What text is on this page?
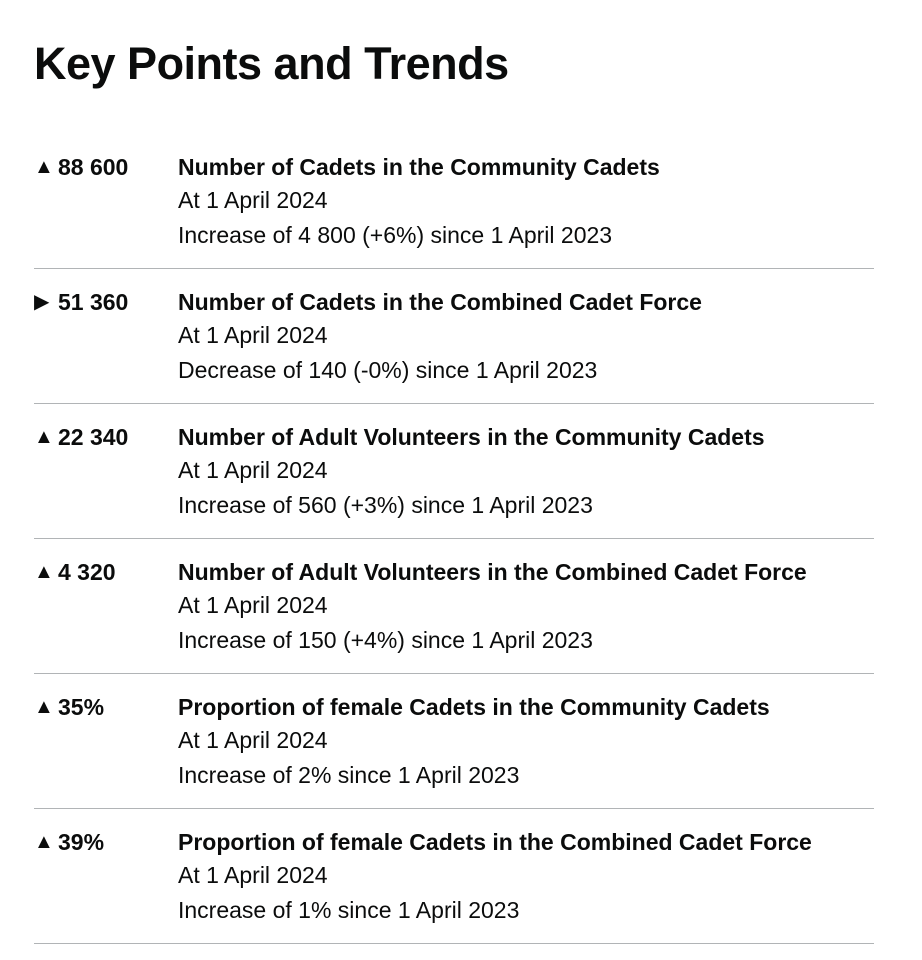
Key Points and Trends
▲ 88 600 Number of Cadets in the Community Cadets
At 1 April 2024
Increase of 4 800 (+6%) since 1 April 2023
▶ 51 360 Number of Cadets in the Combined Cadet Force
At 1 April 2024
Decrease of 140 (-0%) since 1 April 2023
▲ 22 340 Number of Adult Volunteers in the Community Cadets
At 1 April 2024
Increase of 560 (+3%) since 1 April 2023
▲ 4 320	Number of Adult Volunteers in the Combined Cadet Force
At 1 April 2024
Increase of 150 (+4%) since 1 April 2023
▲ 35%	Proportion of female Cadets in the Community Cadets
At 1 April 2024
Increase of 2% since 1 April 2023
▲ 39%	Proportion of female Cadets in the Combined Cadet Force
At 1 April 2024
Increase of 1% since 1 April 2023
